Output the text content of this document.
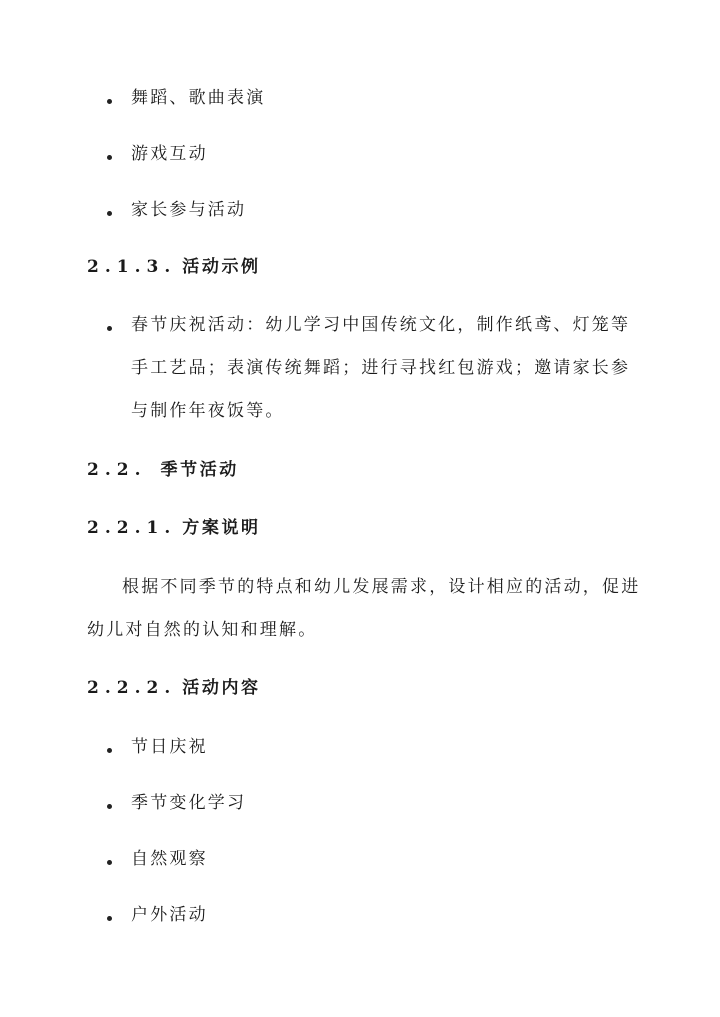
舞蹈、歌曲表演
游戏互动
家长参与活动
2.1.3. 活动示例
春节庆祝活动：幼儿学习中国传统文化，制作纸鸢、灯笼等
手工艺品；表演传统舞蹈；进行寻找红包游戏；邀请家长参
与制作年夜饭等。
2.2. 季节活动
2.2.1. 方案说明
根据不同季节的特点和幼儿发展需求，设计相应的活动，促进
幼儿对自然的认知和理解。
2.2.2. 活动内容
节日庆祝
季节变化学习
自然观察
户外活动
